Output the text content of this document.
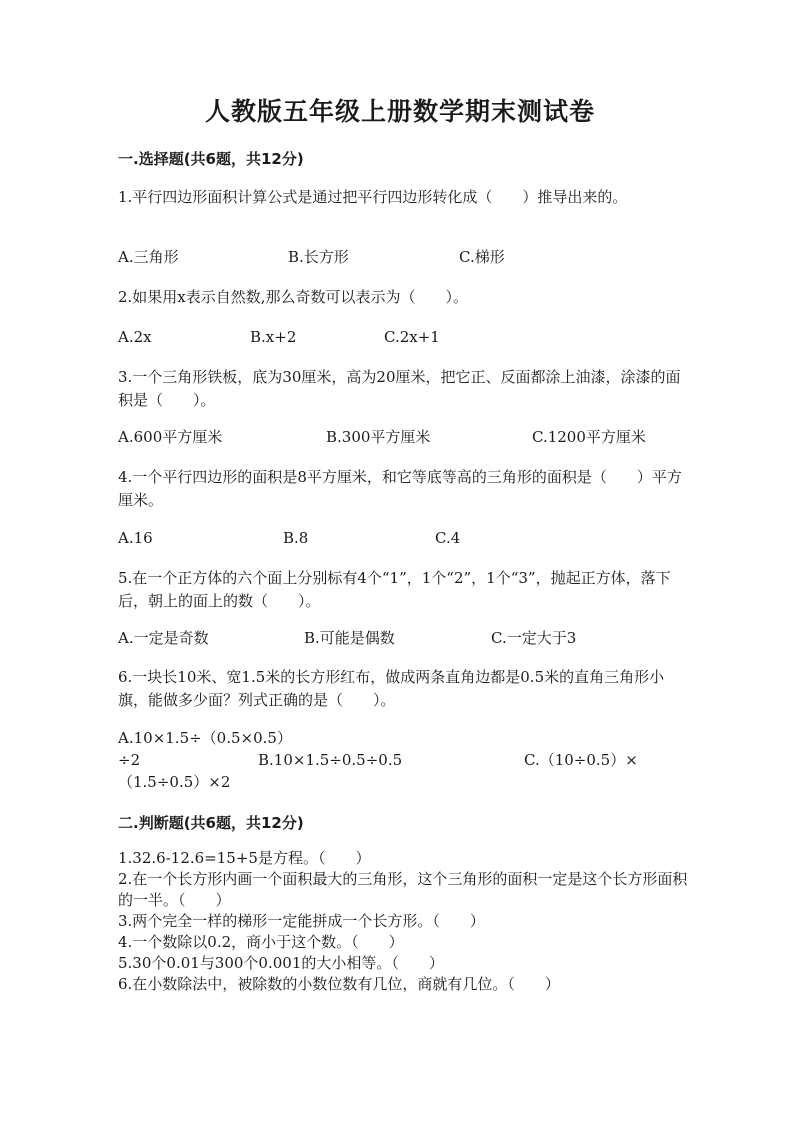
人教版五年级上册数学期末测试卷
一.选择题(共6题，共12分)
1.平行四边形面积计算公式是通过把平行四边形转化成（　　）推导出来的。
A.三角形	B.长方形	C.梯形
2.如果用x表示自然数,那么奇数可以表示为（　　）。
A.2x	B.x+2	C.2x+1
3.一个三角形铁板，底为30厘米，高为20厘米，把它正、反面都涂上油漆，涂漆的面积是（　　）。
A.600平方厘米	B.300平方厘米	C.1200平方厘米
4.一个平行四边形的面积是8平方厘米，和它等底等高的三角形的面积是（　　）平方厘米。
A.16	B.8	C.4
5.在一个正方体的六个面上分别标有4个“1”，1个“2”，1个“3”，抛起正方体，落下后，朝上的面上的数（　　）。
A.一定是奇数	B.可能是偶数	C.一定大于3
6.一块长10米、宽1.5米的长方形红布，做成两条直角边都是0.5米的直角三角形小旗，能做多少面？列式正确的是（　　）。
A.10×1.5÷（0.5×0.5）
÷2	B.10×1.5÷0.5÷0.5	C.（10÷0.5）×
（1.5÷0.5）×2
二.判断题(共6题，共12分)
1.32.6-12.6=15+5是方程。（　　）
2.在一个长方形内画一个面积最大的三角形，这个三角形的面积一定是这个长方形面积的一半。（　　）
3.两个完全一样的梯形一定能拼成一个长方形。（　　）
4.一个数除以0.2，商小于这个数。（　　）
5.30个0.01与300个0.001的大小相等。（　　）
6.在小数除法中，被除数的小数位数有几位，商就有几位。（　　）
